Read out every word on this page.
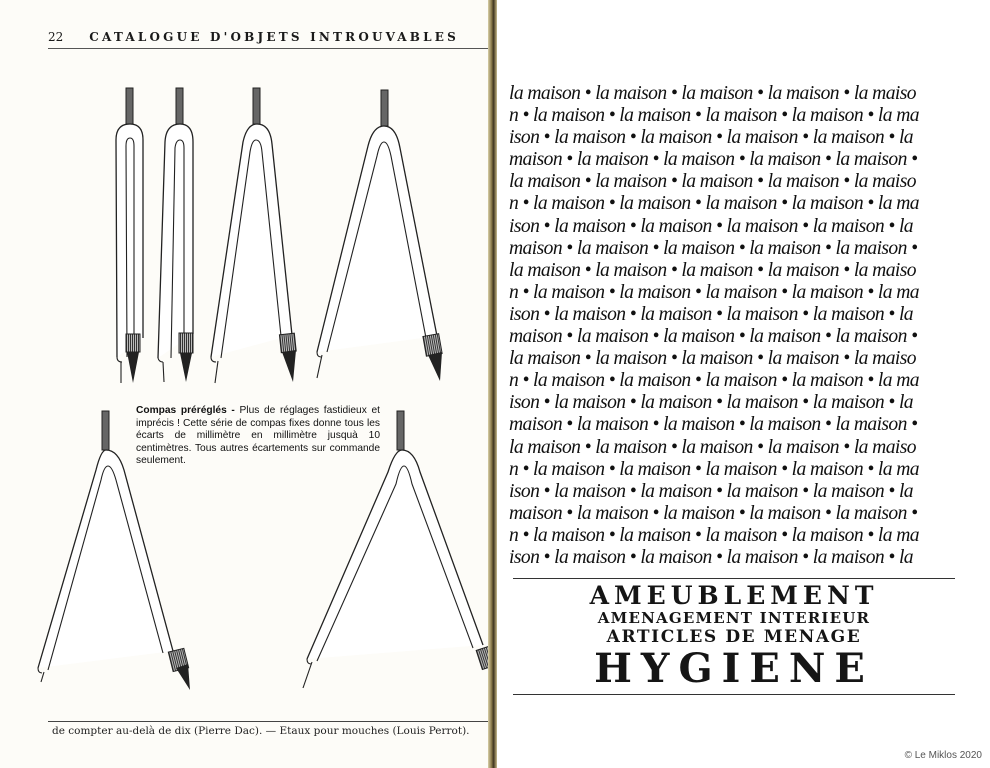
22 CATALOGUE D'OBJETS INTROUVABLES
Compas préréglés - Plus de réglages fastidieux et imprécis ! Cette série de compas fixes donne tous les écarts de millimètre en millimètre jusquà 10 centimètres. Tous autres écartements sur commande seulement.
de compter au-delà de dix (Pierre Dac). — Etaux pour mouches (Louis Perrot).
la maison • la maison • la maison • la maison • la maiso
n • la maison • la maison • la maison • la maison • la ma
ison • la maison • la maison • la maison • la maison • la
maison • la maison • la maison • la maison • la maison •
la maison • la maison • la maison • la maison • la maiso
n • la maison • la maison • la maison • la maison • la ma
ison • la maison • la maison • la maison • la maison • la
maison • la maison • la maison • la maison • la maison •
la maison • la maison • la maison • la maison • la maiso
n • la maison • la maison • la maison • la maison • la ma
ison • la maison • la maison • la maison • la maison • la
maison • la maison • la maison • la maison • la maison •
la maison • la maison • la maison • la maison • la maiso
n • la maison • la maison • la maison • la maison • la ma
ison • la maison • la maison • la maison • la maison • la
maison • la maison • la maison • la maison • la maison •
la maison • la maison • la maison • la maison • la maiso
n • la maison • la maison • la maison • la maison • la ma
ison • la maison • la maison • la maison • la maison • la
maison • la maison • la maison • la maison • la maison •
n • la maison • la maison • la maison • la maison • la ma
ison • la maison • la maison • la maison • la maison • la
AMEUBLEMENT
AMENAGEMENT INTERIEUR
ARTICLES DE MENAGE
HYGIENE
© Le Miklos 2020
